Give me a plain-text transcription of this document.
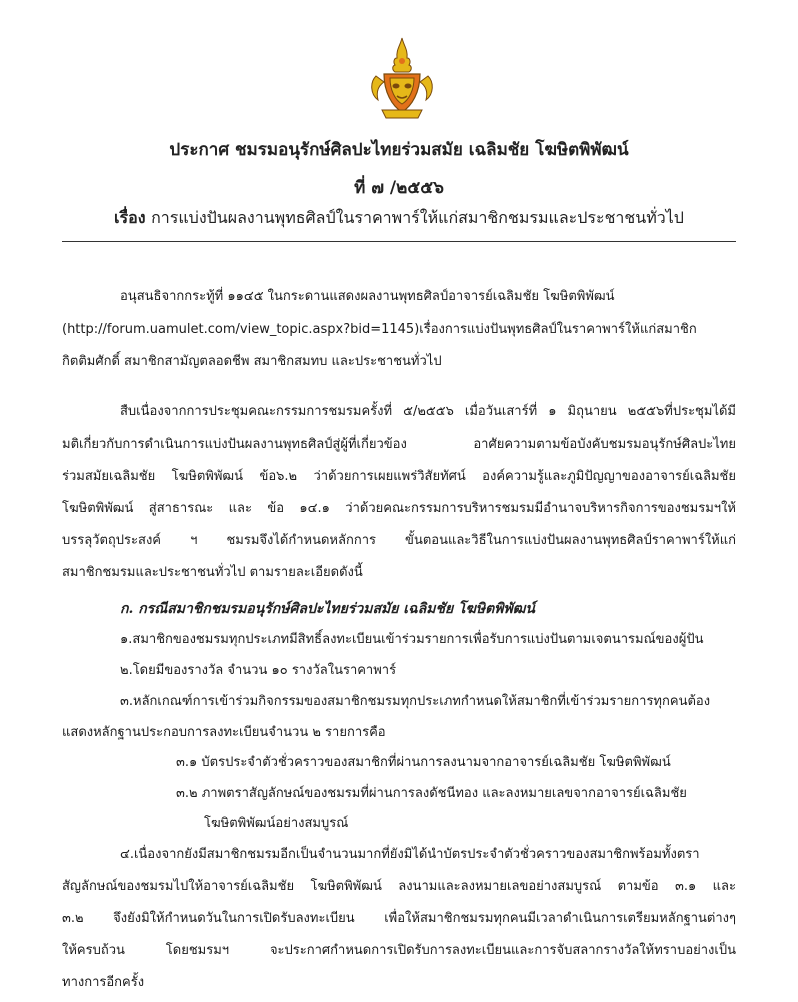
ประกาศ ชมรมอนุรักษ์ศิลปะไทยร่วมสมัย เฉลิมชัย โฆษิตพิพัฒน์
ที่ ๗ /๒๕๕๖
เรื่อง การแบ่งปันผลงานพุทธศิลป์ในราคาพาร์ให้แก่สมาชิกชมรมและประชาชนทั่วไป
อนุสนธิจากกระทู้ที่ ๑๑๔๕ ในกระดานแสดงผลงานพุทธศิลป์อาจารย์เฉลิมชัย โฆษิตพิพัฒน์
(http://forum.uamulet.com/view_topic.aspx?bid=1145)เรื่องการแบ่งปันพุทธศิลป์ในราคาพาร์ให้แก่สมาชิก
กิตติมศักดิ์ สมาชิกสามัญตลอดชีพ สมาชิกสมทบ และประชาชนทั่วไป
สืบเนื่องจากการประชุมคณะกรรมการชมรมครั้งที่ ๕/๒๕๕๖ เมื่อวันเสาร์ที่ ๑ มิถุนายน ๒๕๕๖ที่ประชุมได้มี
มติเกี่ยวกับการดำเนินการแบ่งปันผลงานพุทธศิลป์สู่ผู้ที่เกี่ยวข้อง อาศัยความตามข้อบังคับชมรมอนุรักษ์ศิลปะไทย
ร่วมสมัยเฉลิมชัย โฆษิตพิพัฒน์ ข้อ๖.๒ ว่าด้วยการเผยแพร่วิสัยทัศน์ องค์ความรู้และภูมิปัญญาของอาจารย์เฉลิมชัย
โฆษิตพิพัฒน์ สู่สาธารณะ และ ข้อ ๑๔.๑ ว่าด้วยคณะกรรมการบริหารชมรมมีอำนาจบริหารกิจการของชมรมฯให้
บรรลุวัตถุประสงค์ ฯ ชมรมจึงได้กำหนดหลักการ ขั้นตอนและวิธีในการแบ่งปันผลงานพุทธศิลป์ราคาพาร์ให้แก่
สมาชิกชมรมและประชาชนทั่วไป ตามรายละเอียดดังนี้
ก. กรณีสมาชิกชมรมอนุรักษ์ศิลปะไทยร่วมสมัย เฉลิมชัย โฆษิตพิพัฒน์
๑.สมาชิกของชมรมทุกประเภทมีสิทธิ์ลงทะเบียนเข้าร่วมรายการเพื่อรับการแบ่งปันตามเจตนารมณ์ของผู้ปัน
๒.โดยมีของรางวัล จำนวน ๑๐ รางวัลในราคาพาร์
๓.หลักเกณฑ์การเข้าร่วมกิจกรรมของสมาชิกชมรมทุกประเภทกำหนดให้สมาชิกที่เข้าร่วมรายการทุกคนต้อง
แสดงหลักฐานประกอบการลงทะเบียนจำนวน ๒ รายการคือ
๓.๑ บัตรประจำตัวชั่วคราวของสมาชิกที่ผ่านการลงนามจากอาจารย์เฉลิมชัย โฆษิตพิพัฒน์
๓.๒ ภาพตราสัญลักษณ์ของชมรมที่ผ่านการลงดัชนีทอง และลงหมายเลขจากอาจารย์เฉลิมชัย
โฆษิตพิพัฒน์อย่างสมบูรณ์
๔.เนื่องจากยังมีสมาชิกชมรมอีกเป็นจำนวนมากที่ยังมิได้นำบัตรประจำตัวชั่วคราวของสมาชิกพร้อมทั้งตรา
สัญลักษณ์ของชมรมไปให้อาจารย์เฉลิมชัย โฆษิตพิพัฒน์ ลงนามและลงหมายเลขอย่างสมบูรณ์ ตามข้อ ๓.๑ และ
๓.๒ จึงยังมิให้กำหนดวันในการเปิดรับลงทะเบียน เพื่อให้สมาชิกชมรมทุกคนมีเวลาดำเนินการเตรียมหลักฐานต่างๆ
ให้ครบถ้วน โดยชมรมฯ จะประกาศกำหนดการเปิดรับการลงทะเบียนและการจับสลากรางวัลให้ทราบอย่างเป็น
ทางการอีกครั้ง
